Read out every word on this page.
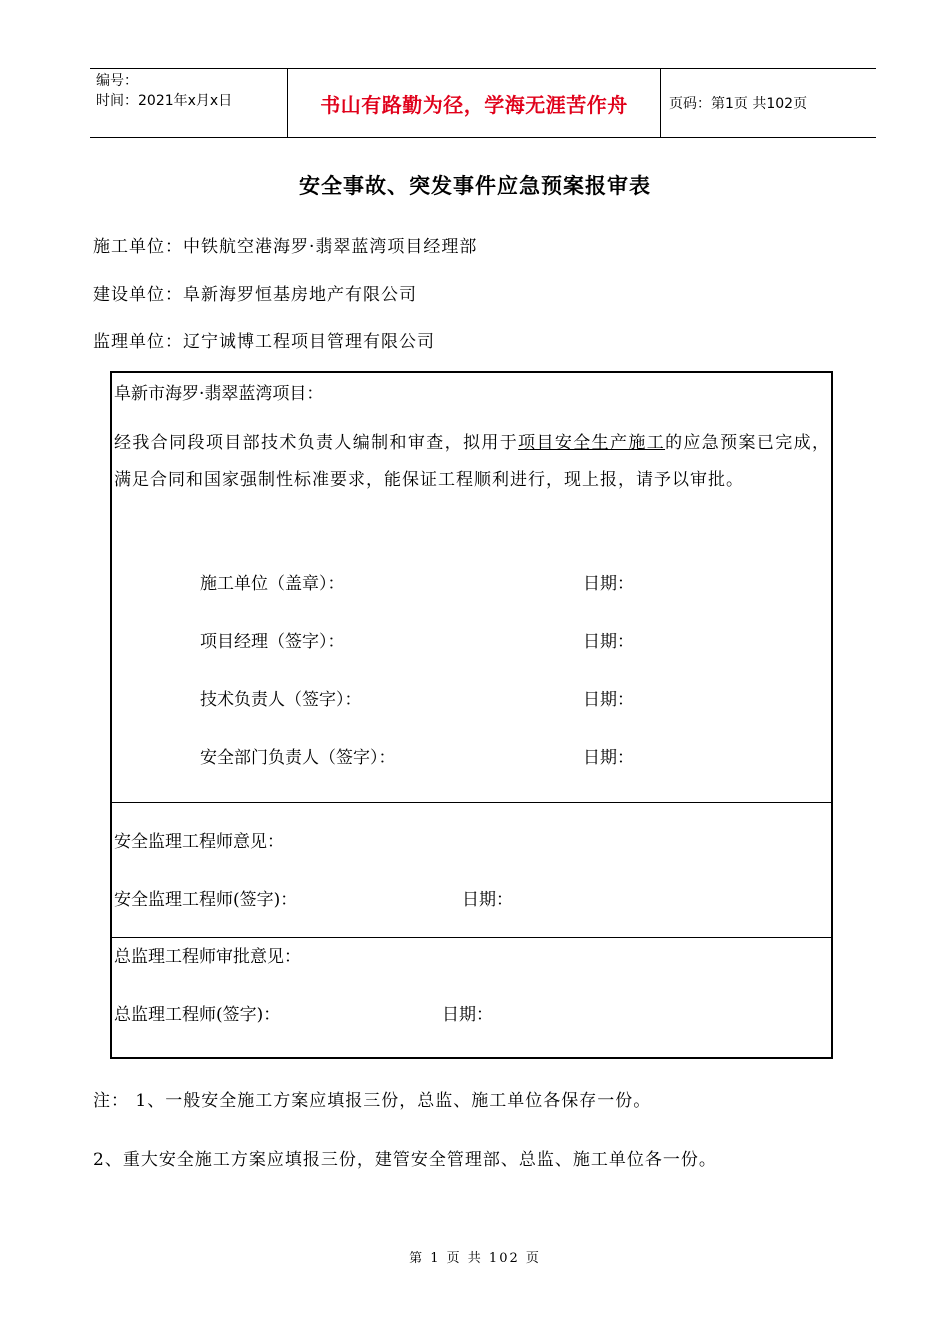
编号：
时间：2021年x月x日	书山有路勤为径，学海无涯苦作舟	页码：第1页 共102页
安全事故、突发事件应急预案报审表
施工单位：中铁航空港海罗·翡翠蓝湾项目经理部
建设单位：阜新海罗恒基房地产有限公司
监理单位：辽宁诚博工程项目管理有限公司
阜新市海罗·翡翠蓝湾项目：
经我合同段项目部技术负责人编制和审查，拟用于项目安全生产施工的应急预案已完成，满足合同和国家强制性标准要求，能保证工程顺利进行，现上报，请予以审批。
施工单位（盖章）：	日期：
项目经理（签字）：	日期：
技术负责人（签字）：	日期：
安全部门负责人（签字）：	日期：
安全监理工程师意见：
安全监理工程师(签字)：	日期：
总监理工程师审批意见：
总监理工程师(签字)：	日期：
注： 1、一般安全施工方案应填报三份，总监、施工单位各保存一份。
2、重大安全施工方案应填报三份，建管安全管理部、总监、施工单位各一份。
第 1 页 共 102 页
